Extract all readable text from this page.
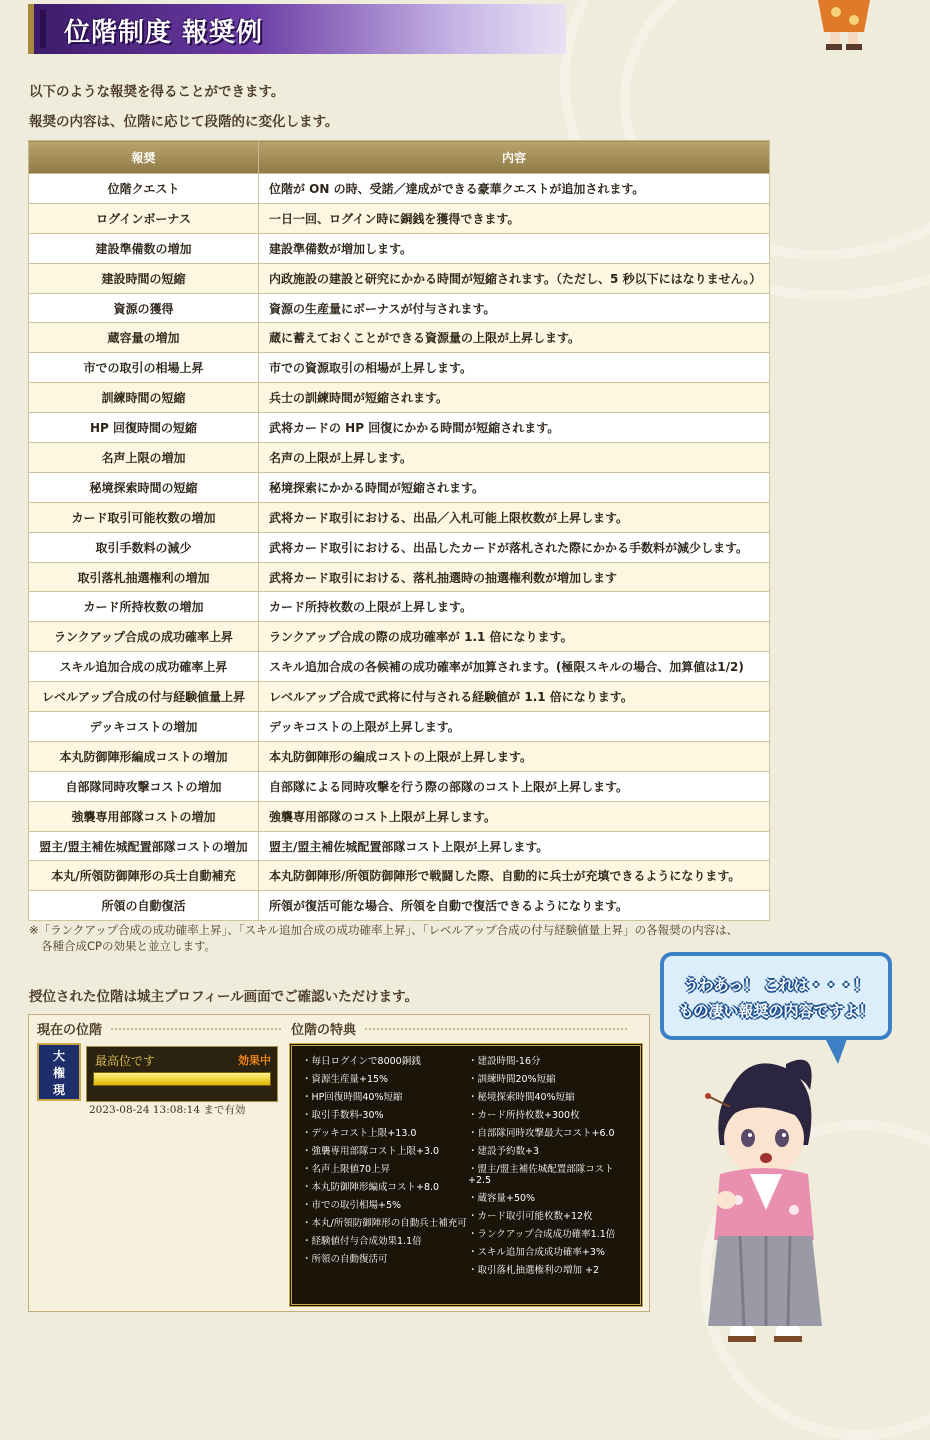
位階制度 報奨例
以下のような報奨を得ることができます。
報奨の内容は、位階に応じて段階的に変化します。
報奨	内容
位階クエスト	位階が ON の時、受諾／達成ができる豪華クエストが追加されます。
ログインボーナス	一日一回、ログイン時に銅銭を獲得できます。
建設準備数の増加	建設準備数が増加します。
建設時間の短縮	内政施設の建設と研究にかかる時間が短縮されます。（ただし、5 秒以下にはなりません。）
資源の獲得	資源の生産量にボーナスが付与されます。
蔵容量の増加	蔵に蓄えておくことができる資源量の上限が上昇します。
市での取引の相場上昇	市での資源取引の相場が上昇します。
訓練時間の短縮	兵士の訓練時間が短縮されます。
HP 回復時間の短縮	武将カードの HP 回復にかかる時間が短縮されます。
名声上限の増加	名声の上限が上昇します。
秘境探索時間の短縮	秘境探索にかかる時間が短縮されます。
カード取引可能枚数の増加	武将カード取引における、出品／入札可能上限枚数が上昇します。
取引手数料の減少	武将カード取引における、出品したカードが落札された際にかかる手数料が減少します。
取引落札抽選権利の増加	武将カード取引における、落札抽選時の抽選権利数が増加します
カード所持枚数の増加	カード所持枚数の上限が上昇します。
ランクアップ合成の成功確率上昇	ランクアップ合成の際の成功確率が 1.1 倍になります。
スキル追加合成の成功確率上昇	スキル追加合成の各候補の成功確率が加算されます。(極限スキルの場合、加算値は1/2)
レベルアップ合成の付与経験値量上昇	レベルアップ合成で武将に付与される経験値が 1.1 倍になります。
デッキコストの増加	デッキコストの上限が上昇します。
本丸防御陣形編成コストの増加	本丸防御陣形の編成コストの上限が上昇します。
自部隊同時攻撃コストの増加	自部隊による同時攻撃を行う際の部隊のコスト上限が上昇します。
強襲専用部隊コストの増加	強襲専用部隊のコスト上限が上昇します。
盟主/盟主補佐城配置部隊コストの増加	盟主/盟主補佐城配置部隊コスト上限が上昇します。
本丸/所領防御陣形の兵士自動補充	本丸防御陣形/所領防御陣形で戦闘した際、自動的に兵士が充填できるようになります。
所領の自動復活	所領が復活可能な場合、所領を自動で復活できるようになります。
※「ランクアップ合成の成功確率上昇」、「スキル追加合成の成功確率上昇」、「レベルアップ合成の付与経験値量上昇」の各報奨の内容は、
各種合成CPの効果と並立します。
授位された位階は城主プロフィール画面でご確認いただけます。
現在の位階	位階の特典
大
権
現
最高位です	効果中
2023-08-24 13:08:14 まで有効
・毎日ログインで8000銅銭
・資源生産量+15%
・HP回復時間40%短縮
・取引手数料-30%
・デッキコスト上限+13.0
・強襲専用部隊コスト上限+3.0
・名声上限値70上昇
・本丸防御陣形編成コスト+8.0
・市での取引相場+5%
・本丸/所領防御陣形の自動兵士補充可
・経験値付与合成効果1.1倍
・所領の自動復活可
・建設時間-16分
・訓練時間20%短縮
・秘境探索時間40%短縮
・カード所持枚数+300枚
・自部隊同時攻撃最大コスト+6.0
・建設予約数+3
・盟主/盟主補佐城配置部隊コスト+2.5
・蔵容量+50%
・カード取引可能枚数+12枚
・ランクアップ合成成功確率1.1倍
・スキル追加合成成功確率+3%
・取引落札抽選権利の増加 +2
うわあっ！ これは・・・！
もの凄い報奨の内容ですよ！
